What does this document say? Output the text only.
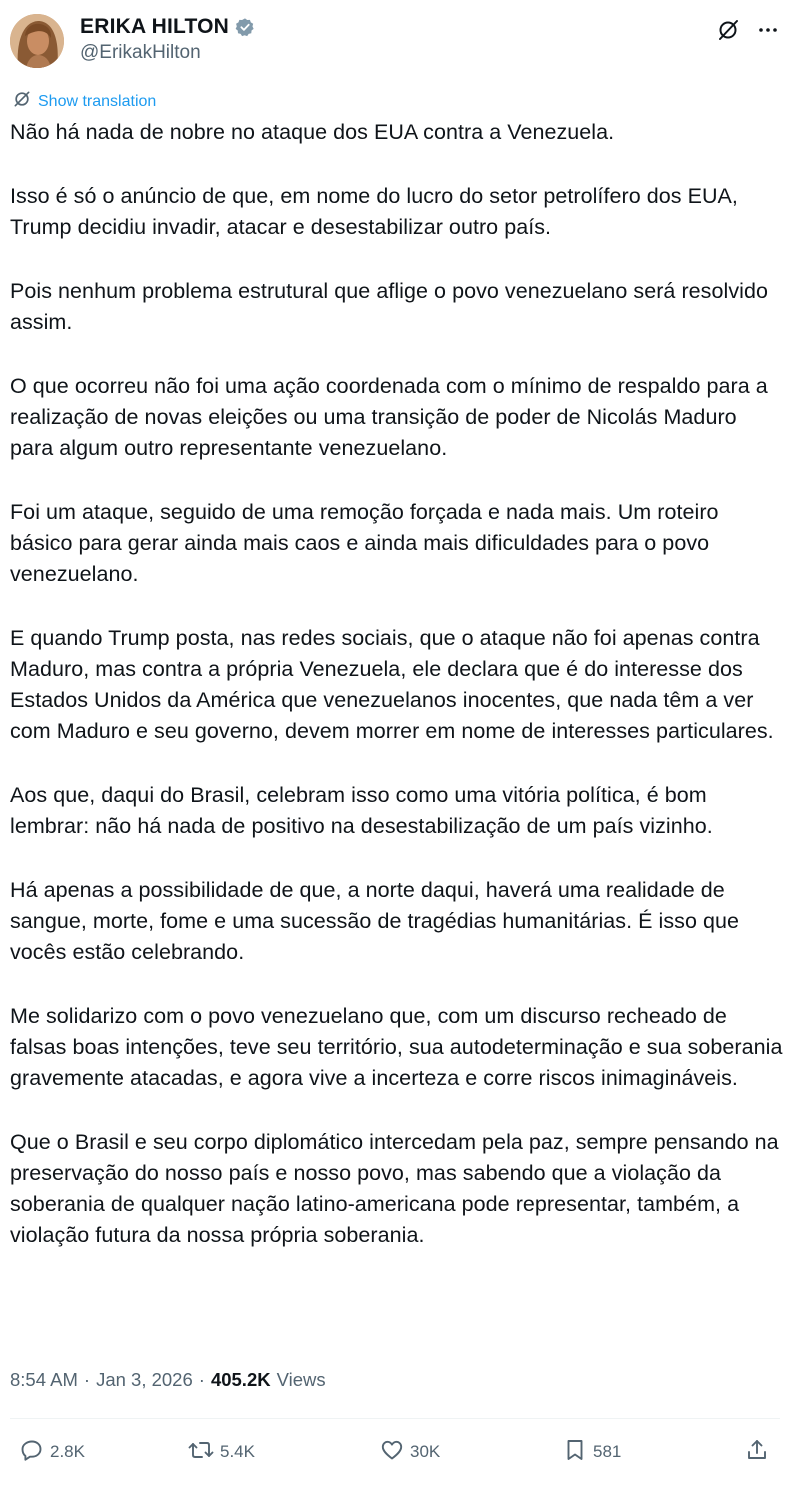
ERIKA HILTON
@ErikakHilton
Show translation

Não há nada de nobre no ataque dos EUA contra a Venezuela.

Isso é só o anúncio de que, em nome do lucro do setor petrolífero dos EUA, Trump decidiu invadir, atacar e desestabilizar outro país.

Pois nenhum problema estrutural que aflige o povo venezuelano será resolvido assim.

O que ocorreu não foi uma ação coordenada com o mínimo de respaldo para a realização de novas eleições ou uma transição de poder de Nicolás Maduro para algum outro representante venezuelano.

Foi um ataque, seguido de uma remoção forçada e nada mais. Um roteiro básico para gerar ainda mais caos e ainda mais dificuldades para o povo venezuelano.

E quando Trump posta, nas redes sociais, que o ataque não foi apenas contra Maduro, mas contra a própria Venezuela, ele declara que é do interesse dos Estados Unidos da América que venezuelanos inocentes, que nada têm a ver com Maduro e seu governo, devem morrer em nome de interesses particulares.

Aos que, daqui do Brasil, celebram isso como uma vitória política, é bom lembrar: não há nada de positivo na desestabilização de um país vizinho.

Há apenas a possibilidade de que, a norte daqui, haverá uma realidade de sangue, morte, fome e uma sucessão de tragédias humanitárias. É isso que vocês estão celebrando.

Me solidarizo com o povo venezuelano que, com um discurso recheado de falsas boas intenções, teve seu território, sua autodeterminação e sua soberania gravemente atacadas, e agora vive a incerteza e corre riscos inimagináveis.

Que o Brasil e seu corpo diplomático intercedam pela paz, sempre pensando na preservação do nosso país e nosso povo, mas sabendo que a violação da soberania de qualquer nação latino-americana pode representar, também, a violação futura da nossa própria soberania.

8:54 AM · Jan 3, 2026 · 405.2K Views
2.8K	5.4K	30K	581
